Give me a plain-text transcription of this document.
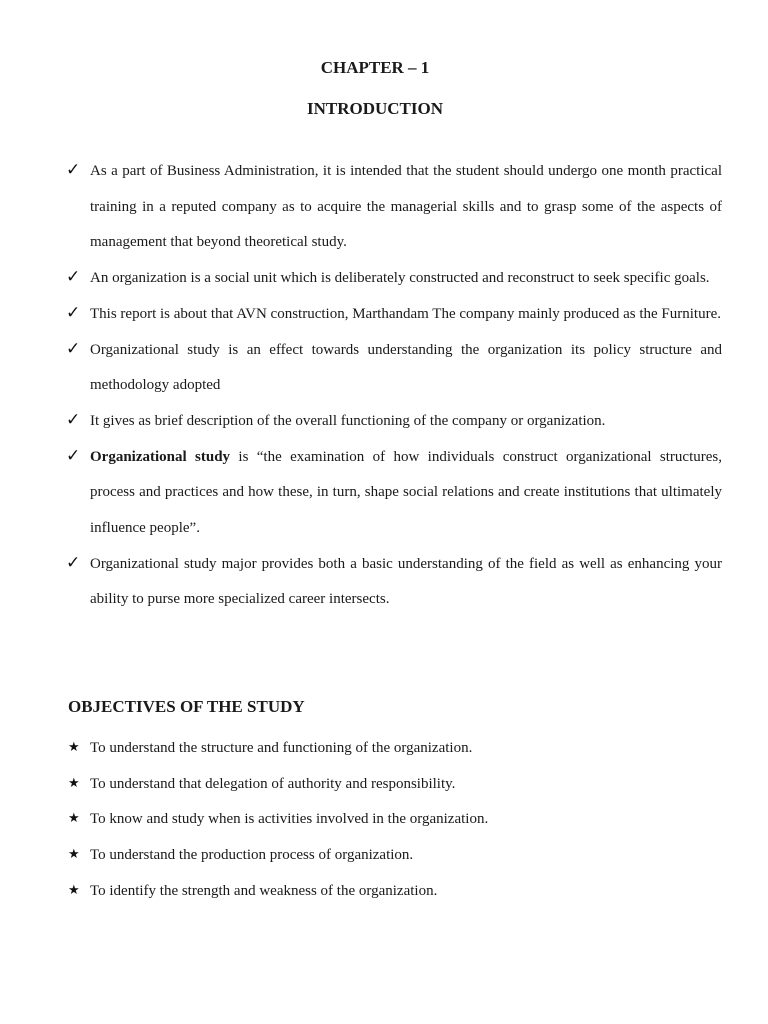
CHAPTER – 1
INTRODUCTION
✓ As a part of Business Administration, it is intended that the student should undergo one month practical training in a reputed company as to acquire the managerial skills and to grasp some of the aspects of management that beyond theoretical study.
✓ An organization is a social unit which is deliberately constructed and reconstruct to seek specific goals.
✓ This report is about that AVN construction, Marthandam The company mainly produced as the Furniture.
✓ Organizational study is an effect towards understanding the organization its policy structure and methodology adopted
✓ It gives as brief description of the overall functioning of the company or organization.
✓ Organizational study is “the examination of how individuals construct organizational structures, process and practices and how these, in turn, shape social relations and create institutions that ultimately influence people”.
✓ Organizational study major provides both a basic understanding of the field as well as enhancing your ability to purse more specialized career intersects.
OBJECTIVES OF THE STUDY
★ To understand the structure and functioning of the organization.
★ To understand that delegation of authority and responsibility.
★ To know and study when is activities involved in the organization.
★ To understand the production process of organization.
★ To identify the strength and weakness of the organization.
